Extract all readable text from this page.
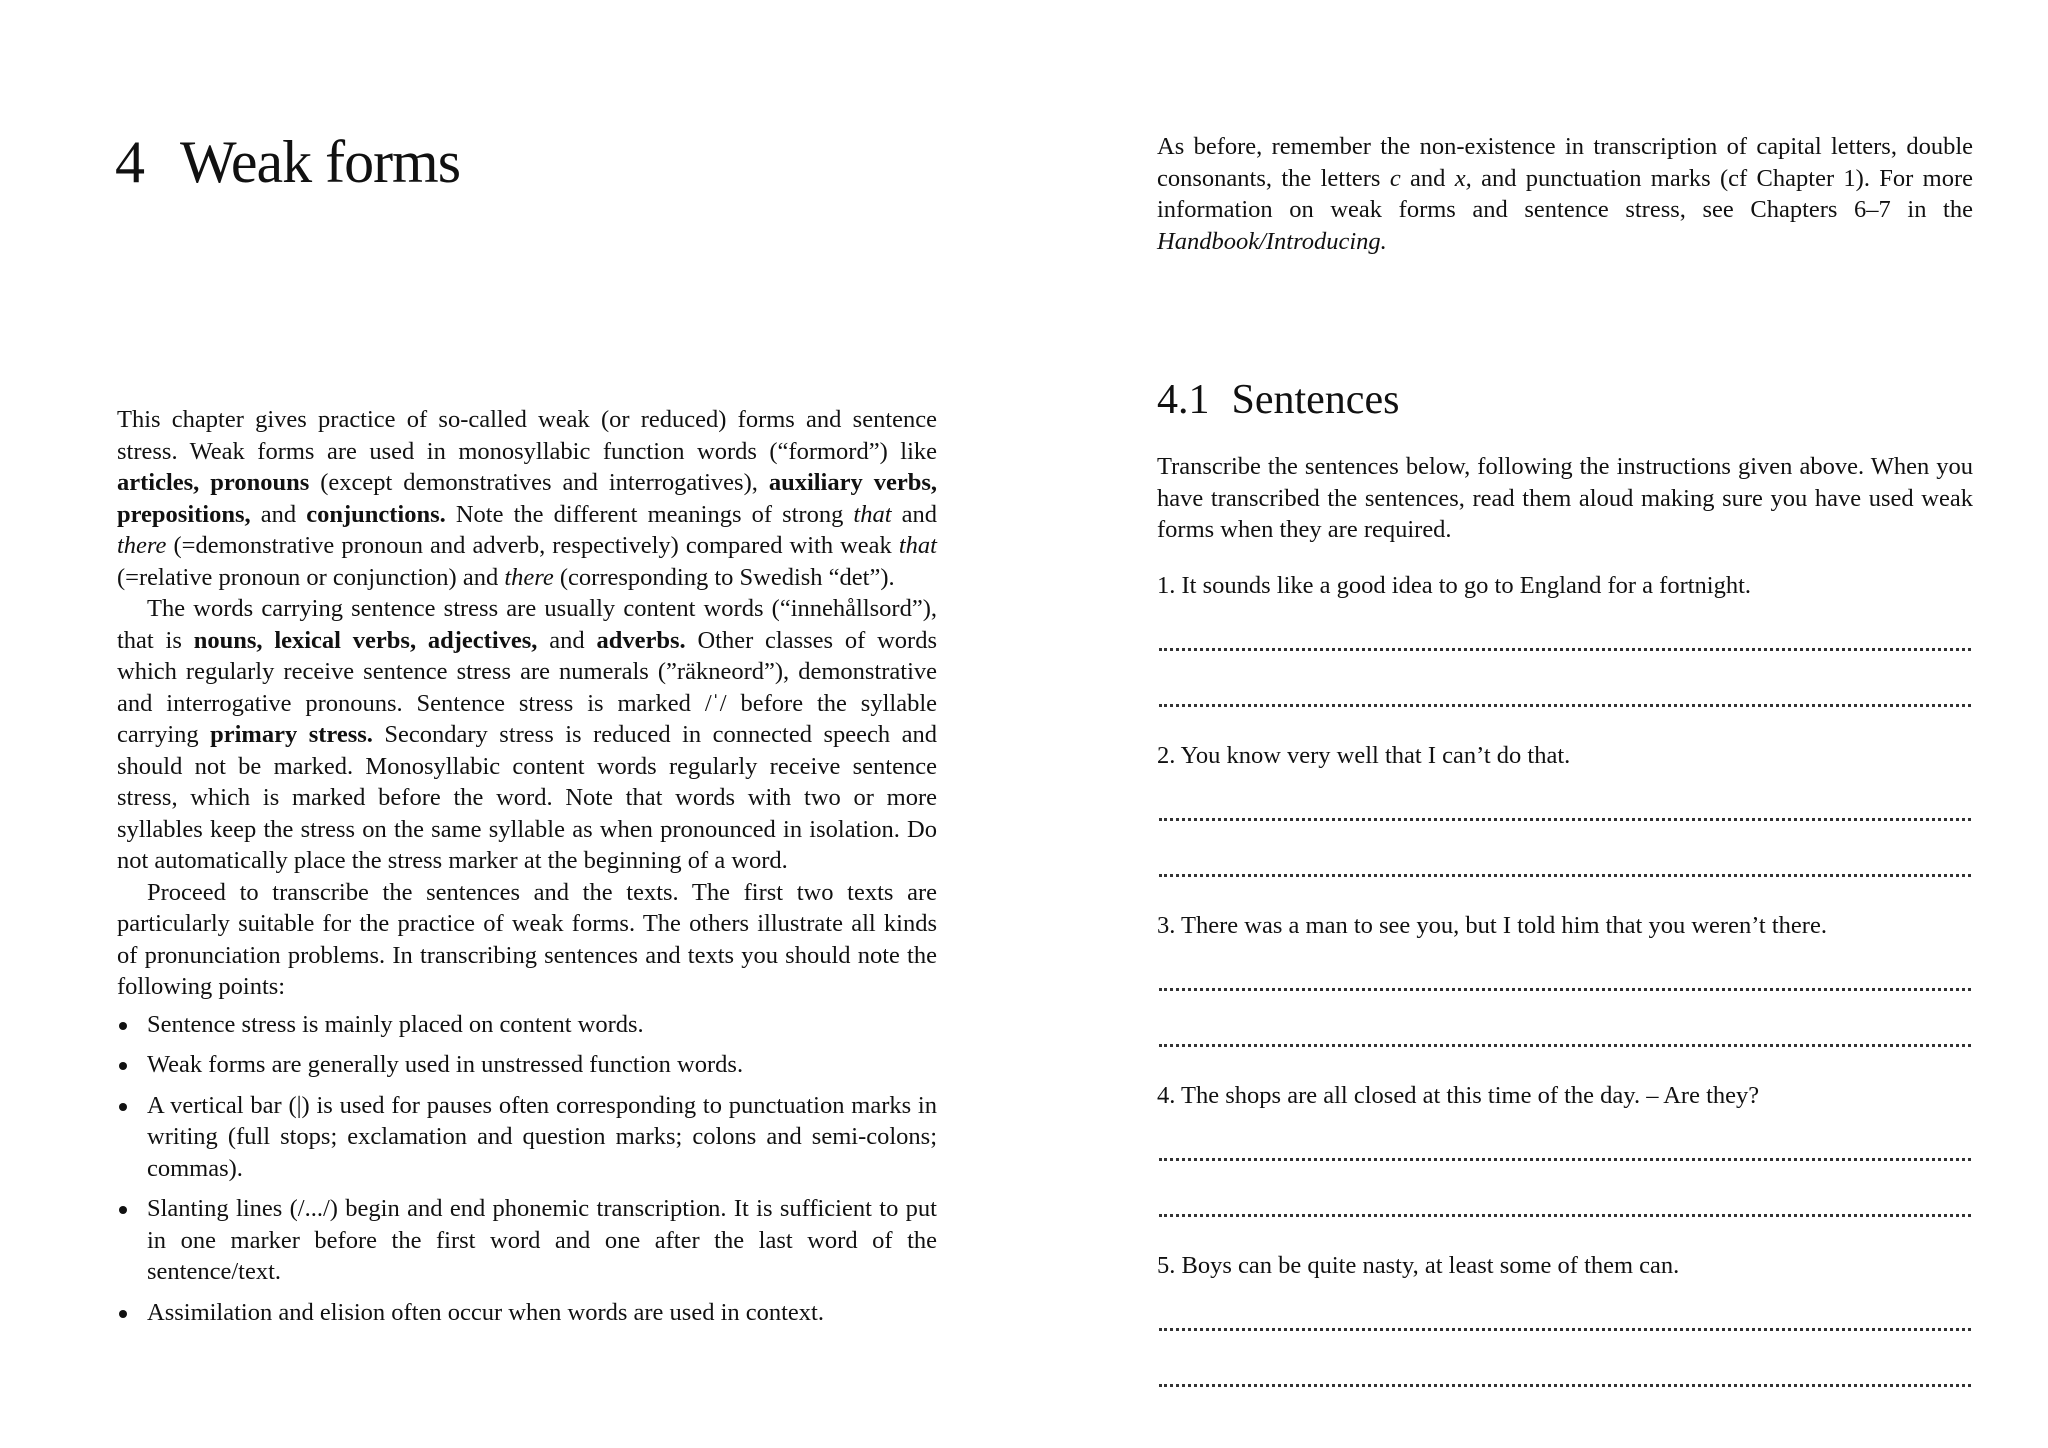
4 Weak forms

This chapter gives practice of so-called weak (or reduced) forms and sentence stress. Weak forms are used in monosyllabic function words (“formord”) like articles, pronouns (except demonstratives and interrogatives), auxiliary verbs, prepositions, and conjunctions. Note the different meanings of strong that and there (=demonstrative pronoun and adverb, respectively) compared with weak that (=relative pronoun or conjunction) and there (corresponding to Swedish “det”).

The words carrying sentence stress are usually content words (“innehållsord”), that is nouns, lexical verbs, adjectives, and adverbs. Other classes of words which regularly receive sentence stress are numerals (”räkneord”), demonstrative and interrogative pronouns. Sentence stress is marked /ˈ/ before the syllable carrying primary stress. Secondary stress is reduced in connected speech and should not be marked. Monosyllabic content words regularly receive sentence stress, which is marked before the word. Note that words with two or more syllables keep the stress on the same syllable as when pronounced in isolation. Do not automatically place the stress marker at the beginning of a word.

Proceed to transcribe the sentences and the texts. The first two texts are particularly suitable for the practice of weak forms. The others illustrate all kinds of pronunciation problems. In transcribing sentences and texts you should note the following points:

Sentence stress is mainly placed on content words.
Weak forms are generally used in unstressed function words.
A vertical bar (|) is used for pauses often corresponding to punctuation marks in writing (full stops; exclamation and question marks; colons and semi-colons; commas).
Slanting lines (/.../) begin and end phonemic transcription. It is sufficient to put in one marker before the first word and one after the last word of the sentence/text.
Assimilation and elision often occur when words are used in context.

As before, remember the non-existence in transcription of capital letters, double consonants, the letters c and x, and punctuation marks (cf Chapter 1). For more information on weak forms and sentence stress, see Chapters 6–7 in the Handbook/Introducing.

4.1 Sentences

Transcribe the sentences below, following the instructions given above. When you have transcribed the sentences, read them aloud making sure you have used weak forms when they are required.

1. It sounds like a good idea to go to England for a fortnight.
2. You know very well that I can’t do that.
3. There was a man to see you, but I told him that you weren’t there.
4. The shops are all closed at this time of the day. – Are they?
5. Boys can be quite nasty, at least some of them can.
